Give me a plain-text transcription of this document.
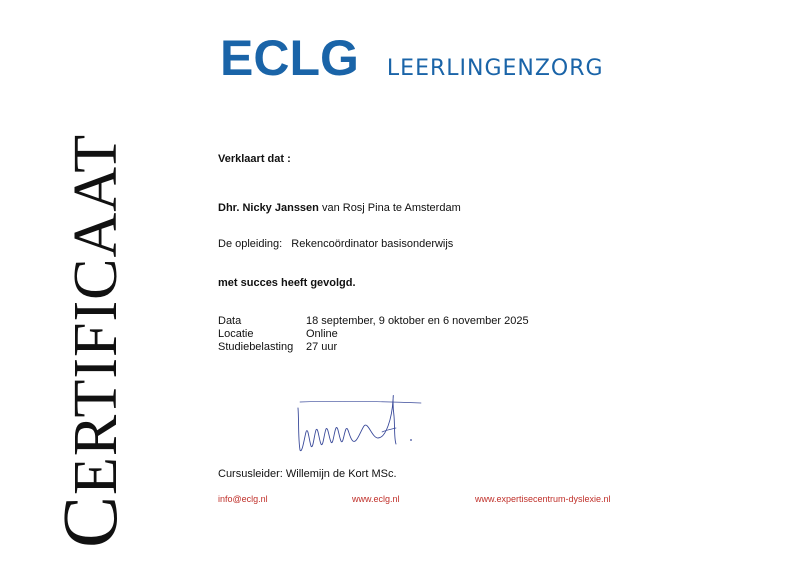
CERTIFICAAT
ECLG LEERLINGENZORG
Verklaart dat :
Dhr. Nicky Janssen van Rosj Pina te Amsterdam
De opleiding: Rekencoördinator basisonderwijs
met succes heeft gevolgd.
Data	18 september, 9 oktober en 6 november 2025
Locatie	Online
Studiebelasting 27 uur
Cursusleider: Willemijn de Kort MSc.
info@eclg.nl	www.eclg.nl	www.expertisecentrum-dyslexie.nl
